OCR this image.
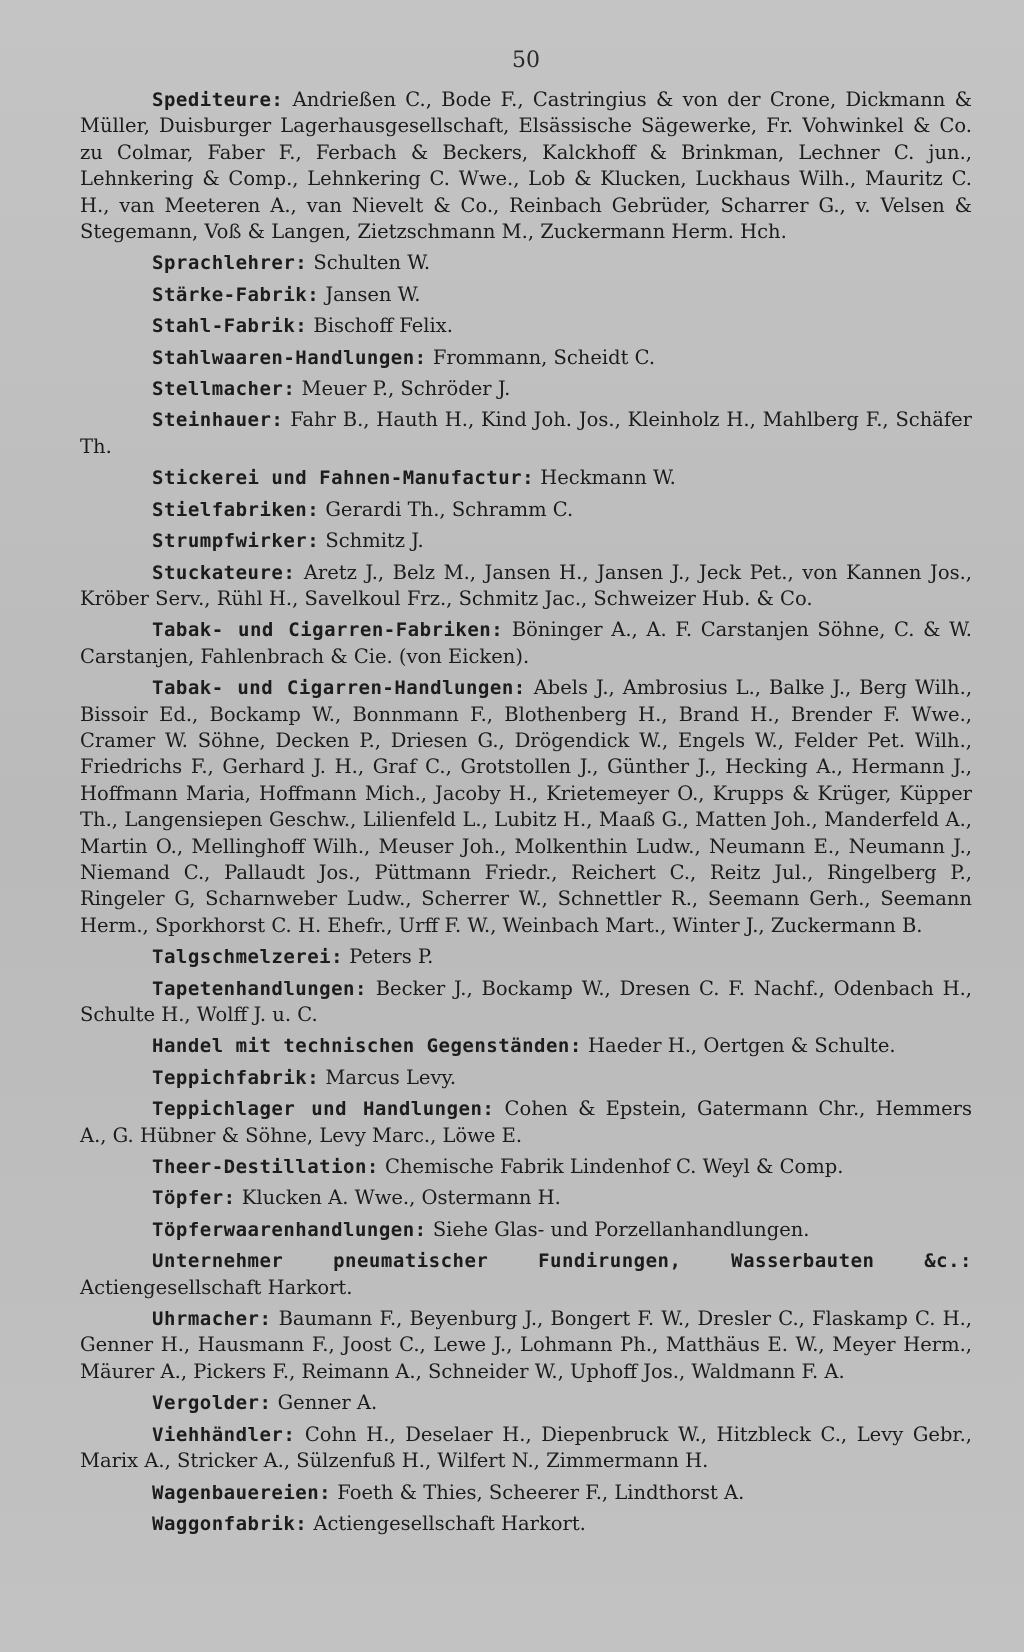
50

Spediteure: Andrießen C., Bode F., Castringius & von der Crone, Dickmann & Müller, Duisburger Lagerhausgesellschaft, Elsässische Sägewerke, Fr. Vohwinkel & Co. zu Colmar, Faber F., Ferbach & Beckers, Kalckhoff & Brinkman, Lechner C. jun., Lehnkering & Comp., Lehnkering C. Wwe., Lob & Klucken, Luckhaus Wilh., Mauritz C. H., van Meeteren A., van Nievelt & Co., Reinbach Gebrüder, Scharrer G., v. Velsen & Stegemann, Voß & Langen, Zietzschmann M., Zuckermann Herm. Hch.

Sprachlehrer: Schulten W.

Stärke-Fabrik: Jansen W.

Stahl-Fabrik: Bischoff Felix.

Stahlwaaren-Handlungen: Frommann, Scheidt C.

Stellmacher: Meuer P., Schröder J.

Steinhauer: Fahr B., Hauth H., Kind Joh. Jos., Kleinholz H., Mahlberg F., Schäfer Th.

Stickerei und Fahnen-Manufactur: Heckmann W.

Stielfabriken: Gerardi Th., Schramm C.

Strumpfwirker: Schmitz J.

Stuckateure: Aretz J., Belz M., Jansen H., Jansen J., Jeck Pet., von Kannen Jos., Kröber Serv., Rühl H., Savelkoul Frz., Schmitz Jac., Schweizer Hub. & Co.

Tabak- und Cigarren-Fabriken: Böninger A., A. F. Carstanjen Söhne, C. & W. Carstanjen, Fahlenbrach & Cie. (von Eicken).

Tabak- und Cigarren-Handlungen: Abels J., Ambrosius L., Balke J., Berg Wilh., Bissoir Ed., Bockamp W., Bonnmann F., Blothenberg H., Brand H., Brender F. Wwe., Cramer W. Söhne, Decken P., Driesen G., Drögendick W., Engels W., Felder Pet. Wilh., Friedrichs F., Gerhard J. H., Graf C., Grotstollen J., Günther J., Hecking A., Hermann J., Hoffmann Maria, Hoffmann Mich., Jacoby H., Krietemeyer O., Krupps & Krüger, Küpper Th., Langensiepen Geschw., Lilienfeld L., Lubitz H., Maaß G., Matten Joh., Manderfeld A., Martin O., Mellinghoff Wilh., Meuser Joh., Molkenthin Ludw., Neumann E., Neumann J., Niemand C., Pallaudt Jos., Püttmann Friedr., Reichert C., Reitz Jul., Ringelberg P., Ringeler G, Scharnweber Ludw., Scherrer W., Schnettler R., Seemann Gerh., Seemann Herm., Sporkhorst C. H. Ehefr., Urff F. W., Weinbach Mart., Winter J., Zuckermann B.

Talgschmelzerei: Peters P.

Tapetenhandlungen: Becker J., Bockamp W., Dresen C. F. Nachf., Odenbach H., Schulte H., Wolff J. u. C.

Handel mit technischen Gegenständen: Haeder H., Oertgen & Schulte.

Teppichfabrik: Marcus Levy.

Teppichlager und Handlungen: Cohen & Epstein, Gatermann Chr., Hemmers A., G. Hübner & Söhne, Levy Marc., Löwe E.

Theer-Destillation: Chemische Fabrik Lindenhof C. Weyl & Comp.

Töpfer: Klucken A. Wwe., Ostermann H.

Töpferwaarenhandlungen: Siehe Glas- und Porzellanhandlungen.

Unternehmer pneumatischer Fundirungen, Wasserbauten &c.: Actiengesellschaft Harkort.

Uhrmacher: Baumann F., Beyenburg J., Bongert F. W., Dresler C., Flaskamp C. H., Genner H., Hausmann F., Joost C., Lewe J., Lohmann Ph., Matthäus E. W., Meyer Herm., Mäurer A., Pickers F., Reimann A., Schneider W., Uphoff Jos., Waldmann F. A.

Vergolder: Genner A.

Viehhändler: Cohn H., Deselaer H., Diepenbruck W., Hitzbleck C., Levy Gebr., Marix A., Stricker A., Sülzenfuß H., Wilfert N., Zimmermann H.

Wagenbauereien: Foeth & Thies, Scheerer F., Lindthorst A.

Waggonfabrik: Actiengesellschaft Harkort.
